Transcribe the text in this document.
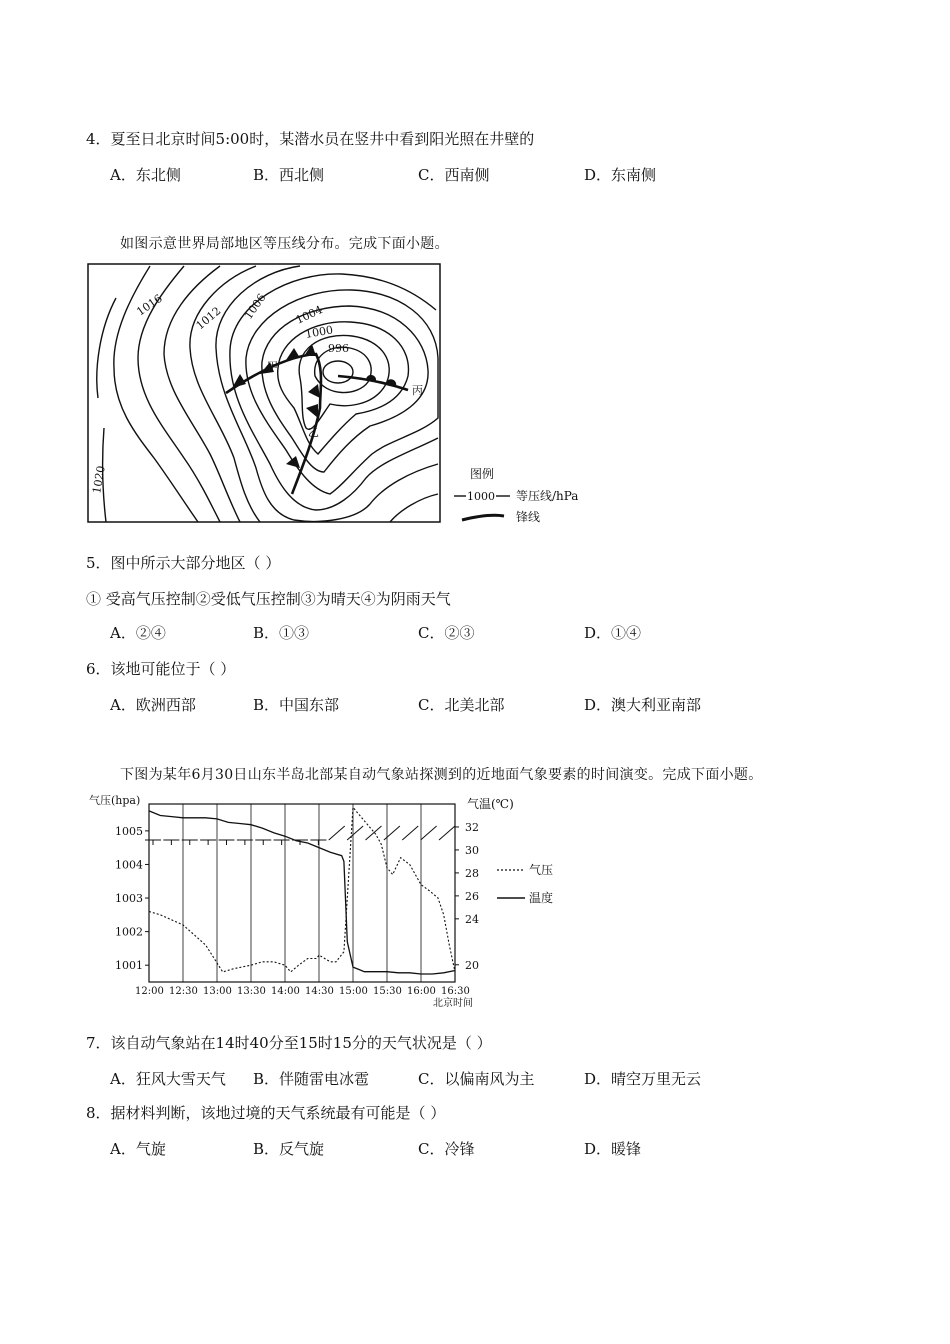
4．夏至日北京时间5:00时，某潜水员在竖井中看到阳光照在井壁的
A．东北侧	B．西北侧	C．西南侧	D．东南侧
如图示意世界局部地区等压线分布。完成下面小题。
1016	1012 1006 1004
1000
996
1020
甲
乙
丙
图例
1000 等压线/hPa
锋线
5．图中所示大部分地区（ ）
① 受高气压控制②受低气压控制③为晴天④为阴雨天气
A．②④	B．①③	C．②③	D．①④
6．该地可能位于（ ）
A．欧洲西部	B．中国东部	C．北美北部	D．澳大利亚南部
下图为某年6月30日山东半岛北部某自动气象站探测到的近地面气象要素的时间演变。完成下面小题。
12:00 12:30 13:00 13:30 14:00 14:30 15:00 15:30 16:00 16:30
1005
1004
1003
1002
1001
32
30
28
26
24
20
气压(hpa)	气温(℃)
北京时间
气压
温度
7．该自动气象站在14时40分至15时15分的天气状况是（ ）
A．狂风大雪天气 B．伴随雷电冰雹	C．以偏南风为主	D．晴空万里无云
8．据材料判断，该地过境的天气系统最有可能是（ ）
A．气旋	B．反气旋	C．冷锋	D．暖锋
